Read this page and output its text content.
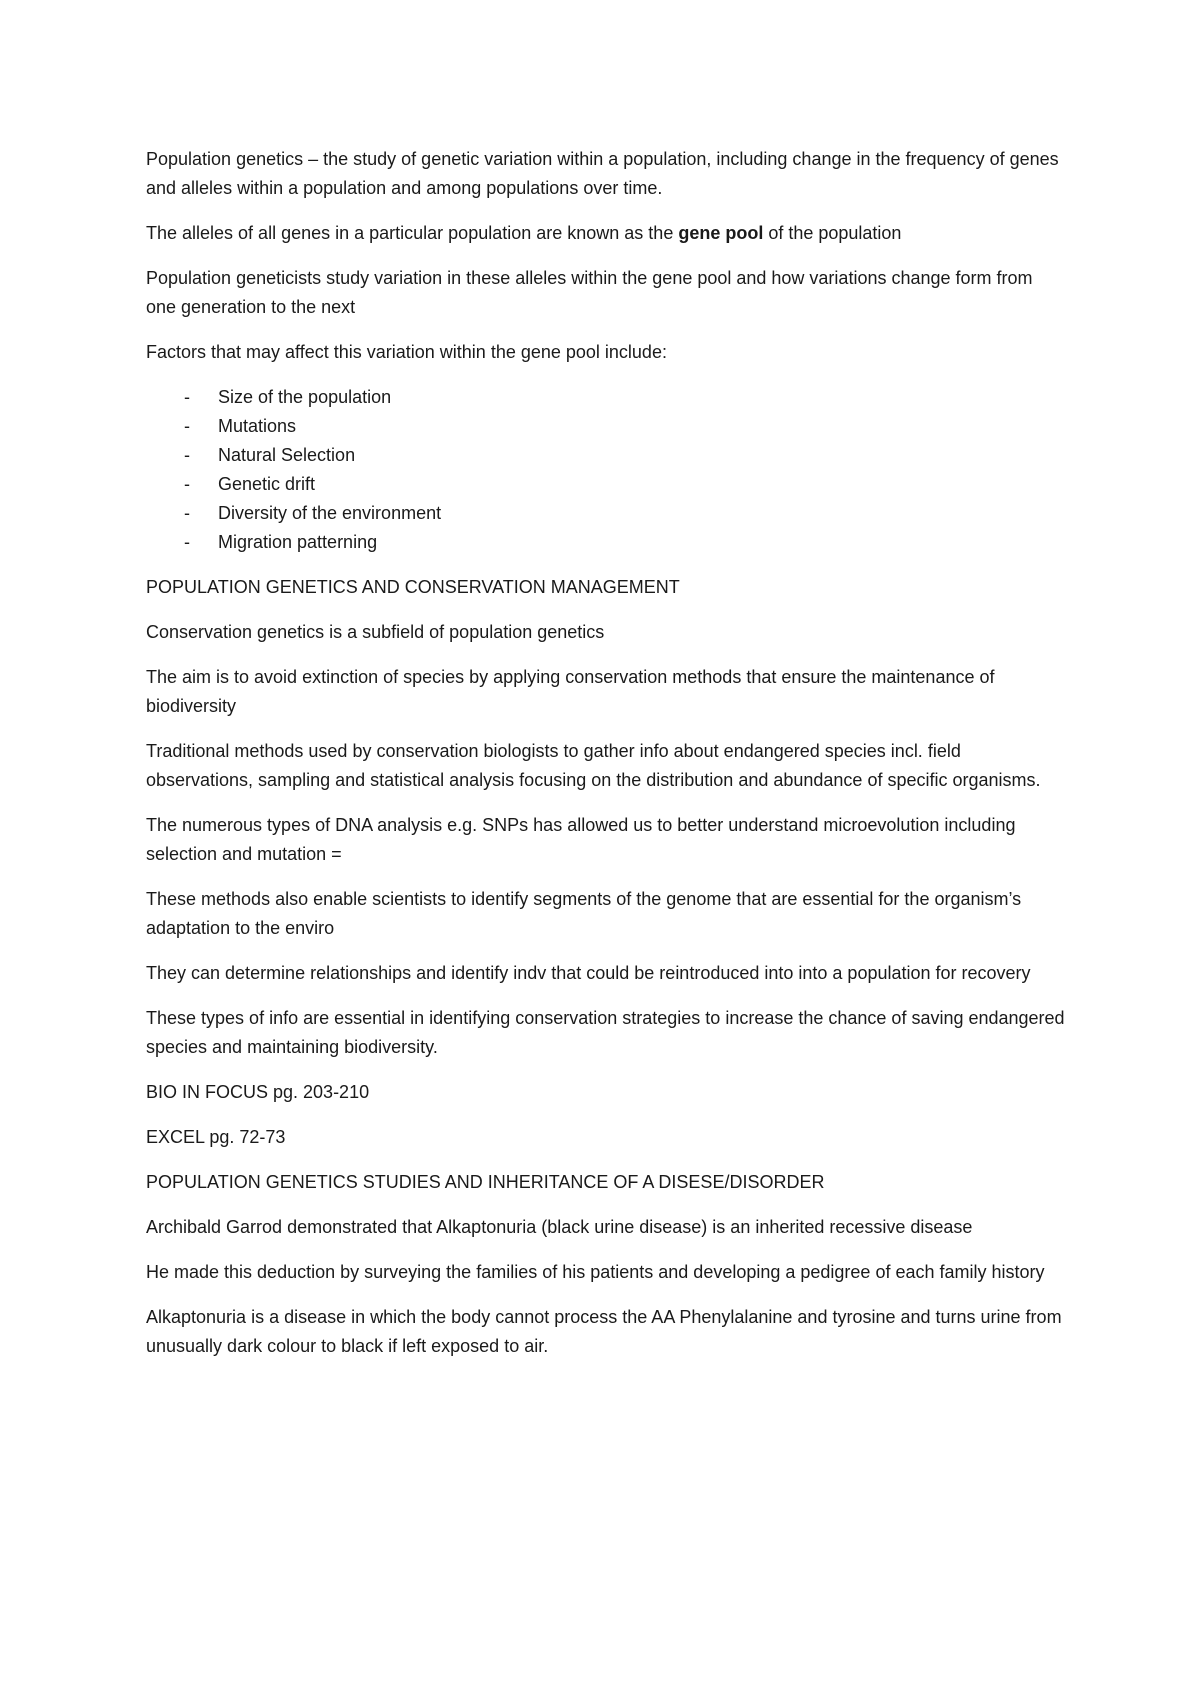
Population genetics – the study of genetic variation within a population, including change in the frequency of genes and alleles within a population and among populations over time.

The alleles of all genes in a particular population are known as the gene pool of the population

Population geneticists study variation in these alleles within the gene pool and how variations change form from one generation to the next

Factors that may affect this variation within the gene pool include:

- Size of the population
- Mutations
- Natural Selection
- Genetic drift
- Diversity of the environment
- Migration patterning

POPULATION GENETICS AND CONSERVATION MANAGEMENT

Conservation genetics is a subfield of population genetics

The aim is to avoid extinction of species by applying conservation methods that ensure the maintenance of biodiversity

Traditional methods used by conservation biologists to gather info about endangered species incl. field observations, sampling and statistical analysis focusing on the distribution and abundance of specific organisms.

The numerous types of DNA analysis e.g. SNPs has allowed us to better understand microevolution including selection and mutation =

These methods also enable scientists to identify segments of the genome that are essential for the organism’s adaptation to the enviro

They can determine relationships and identify indv that could be reintroduced into into a population for recovery

These types of info are essential in identifying conservation strategies to increase the chance of saving endangered species and maintaining biodiversity.

BIO IN FOCUS pg. 203-210

EXCEL pg. 72-73

POPULATION GENETICS STUDIES AND INHERITANCE OF A DISESE/DISORDER

Archibald Garrod demonstrated that Alkaptonuria (black urine disease) is an inherited recessive disease

He made this deduction by surveying the families of his patients and developing a pedigree of each family history

Alkaptonuria is a disease in which the body cannot process the AA Phenylalanine and tyrosine and turns urine from unusually dark colour to black if left exposed to air.
